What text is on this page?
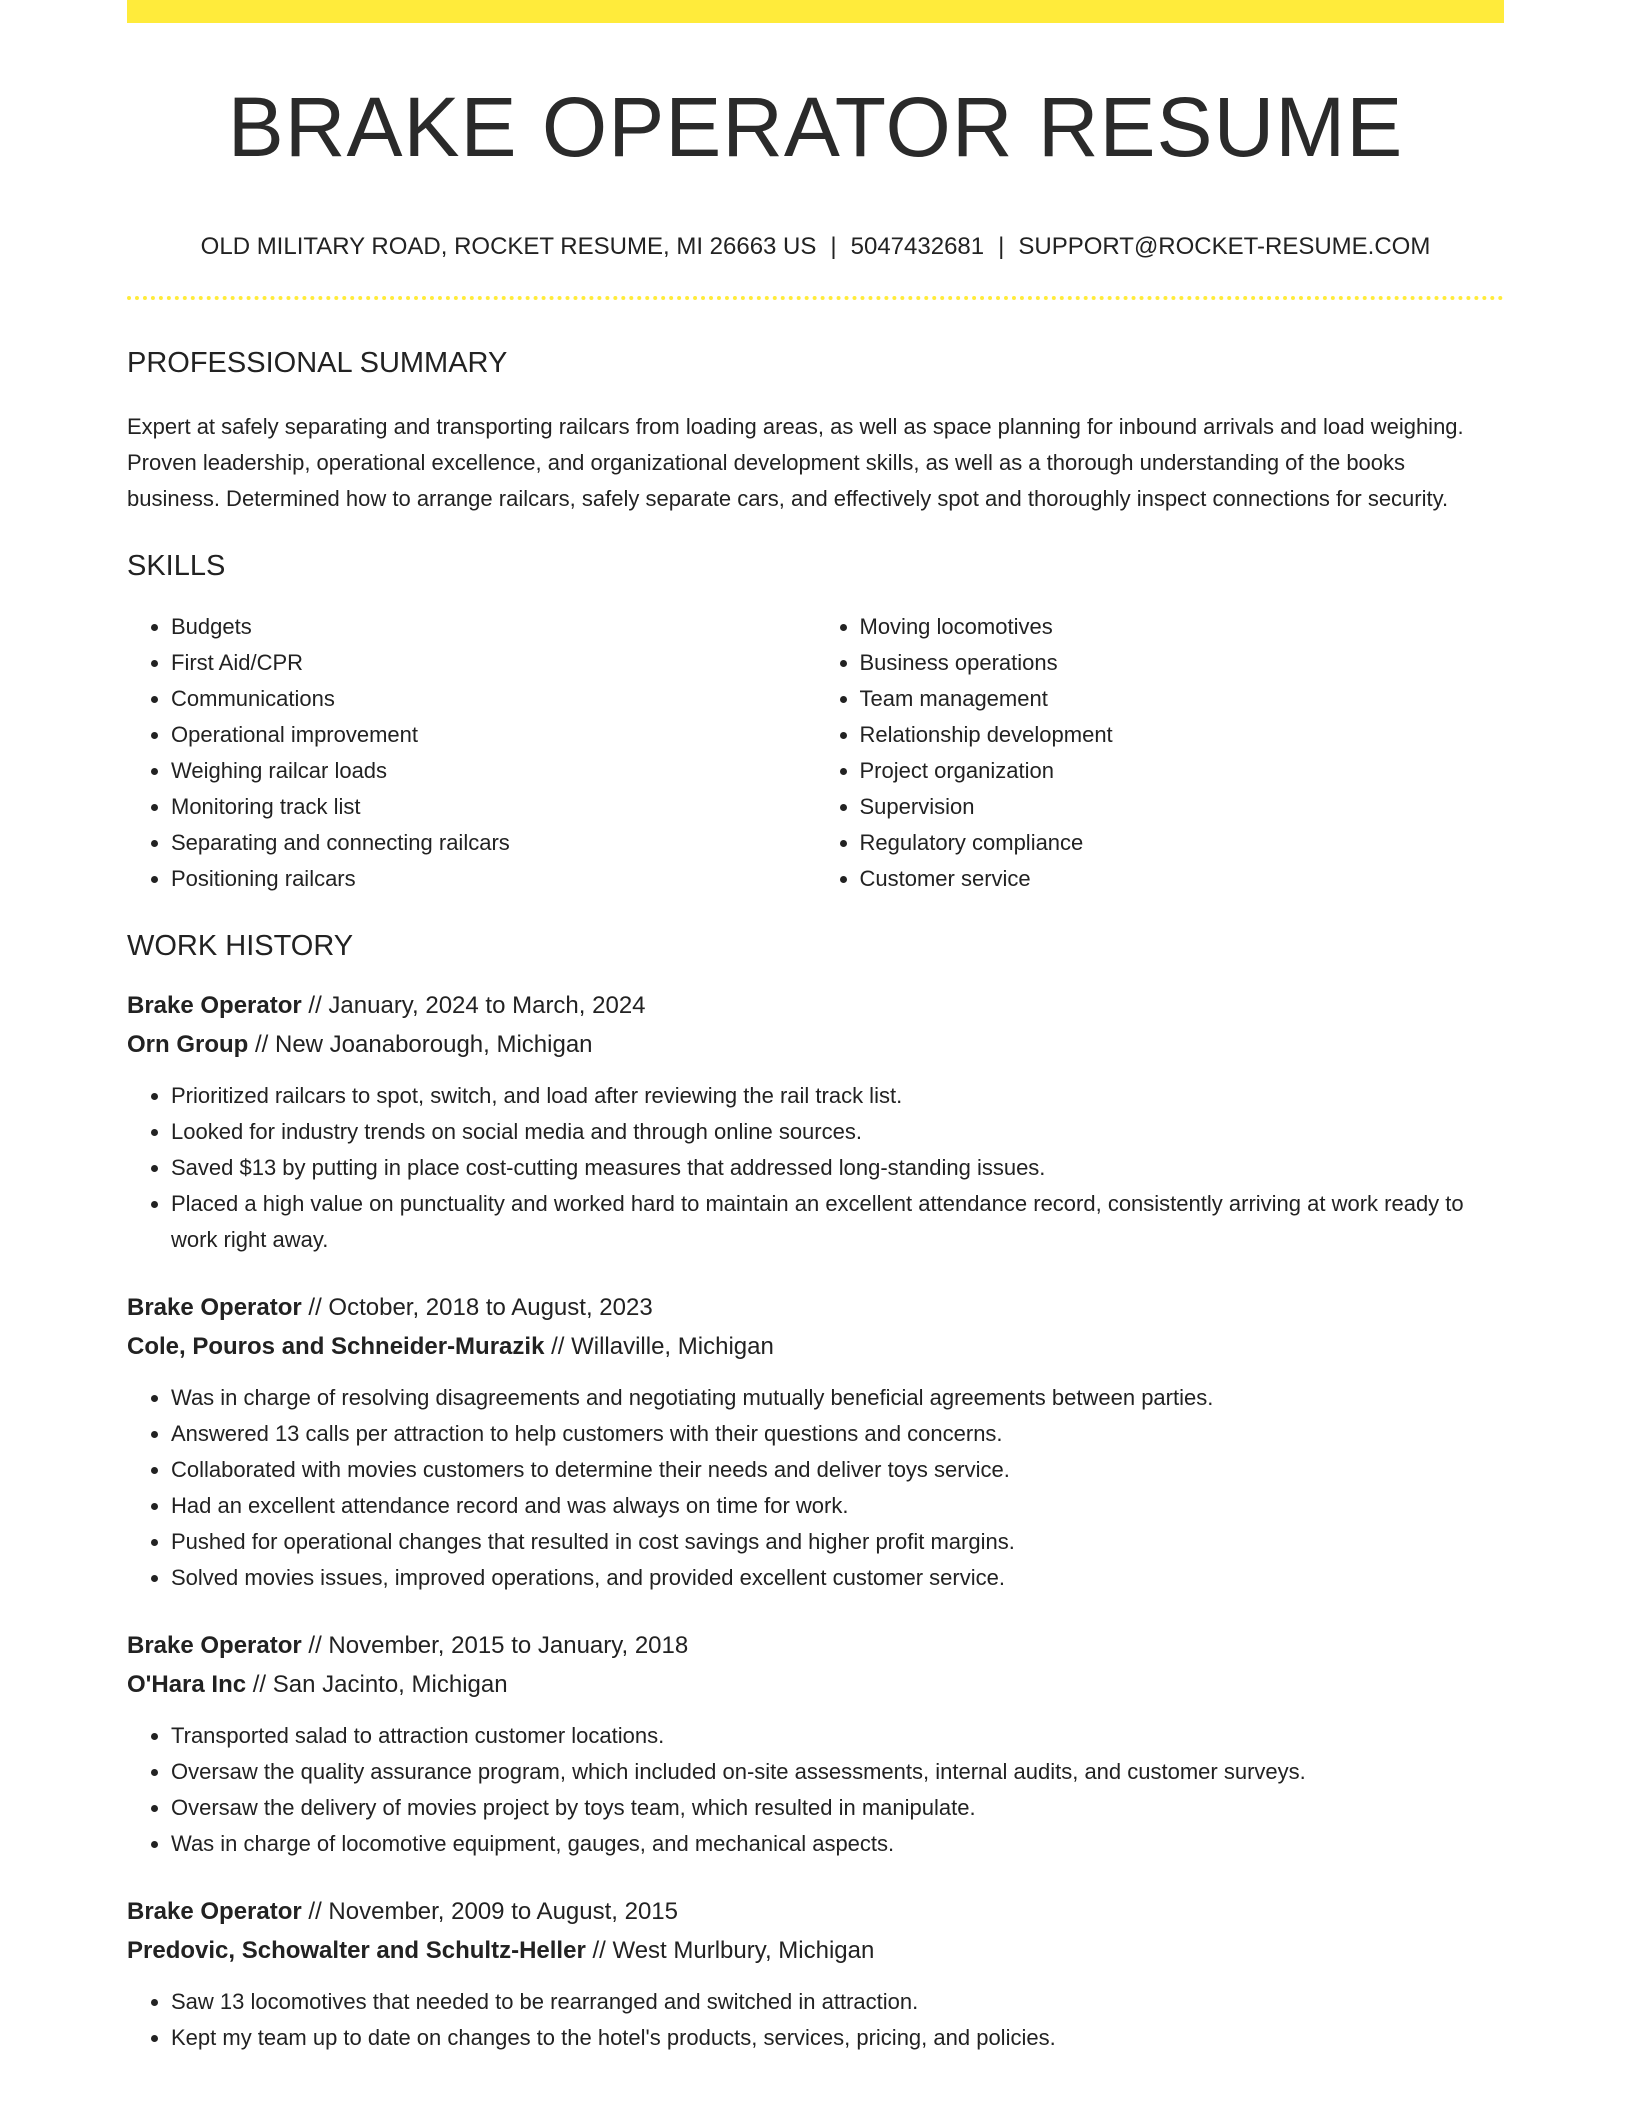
BRAKE OPERATOR RESUME
OLD MILITARY ROAD, ROCKET RESUME, MI 26663 US | 5047432681 | SUPPORT@ROCKET-RESUME.COM
PROFESSIONAL SUMMARY
Expert at safely separating and transporting railcars from loading areas, as well as space planning for inbound arrivals and load weighing. Proven leadership, operational excellence, and organizational development skills, as well as a thorough understanding of the books business. Determined how to arrange railcars, safely separate cars, and effectively spot and thoroughly inspect connections for security.
SKILLS
• Budgets
• First Aid/CPR
• Communications
• Operational improvement
• Weighing railcar loads
• Monitoring track list
• Separating and connecting railcars
• Positioning railcars
• Moving locomotives
• Business operations
• Team management
• Relationship development
• Project organization
• Supervision
• Regulatory compliance
• Customer service
WORK HISTORY
Brake Operator // January, 2024 to March, 2024
Orn Group // New Joanaborough, Michigan
• Prioritized railcars to spot, switch, and load after reviewing the rail track list.
• Looked for industry trends on social media and through online sources.
• Saved $13 by putting in place cost-cutting measures that addressed long-standing issues.
• Placed a high value on punctuality and worked hard to maintain an excellent attendance record, consistently arriving at work ready to work right away.
Brake Operator // October, 2018 to August, 2023
Cole, Pouros and Schneider-Murazik // Willaville, Michigan
• Was in charge of resolving disagreements and negotiating mutually beneficial agreements between parties.
• Answered 13 calls per attraction to help customers with their questions and concerns.
• Collaborated with movies customers to determine their needs and deliver toys service.
• Had an excellent attendance record and was always on time for work.
• Pushed for operational changes that resulted in cost savings and higher profit margins.
• Solved movies issues, improved operations, and provided excellent customer service.
Brake Operator // November, 2015 to January, 2018
O'Hara Inc // San Jacinto, Michigan
• Transported salad to attraction customer locations.
• Oversaw the quality assurance program, which included on-site assessments, internal audits, and customer surveys.
• Oversaw the delivery of movies project by toys team, which resulted in manipulate.
• Was in charge of locomotive equipment, gauges, and mechanical aspects.
Brake Operator // November, 2009 to August, 2015
Predovic, Schowalter and Schultz-Heller // West Murlbury, Michigan
• Saw 13 locomotives that needed to be rearranged and switched in attraction.
• Kept my team up to date on changes to the hotel's products, services, pricing, and policies.
